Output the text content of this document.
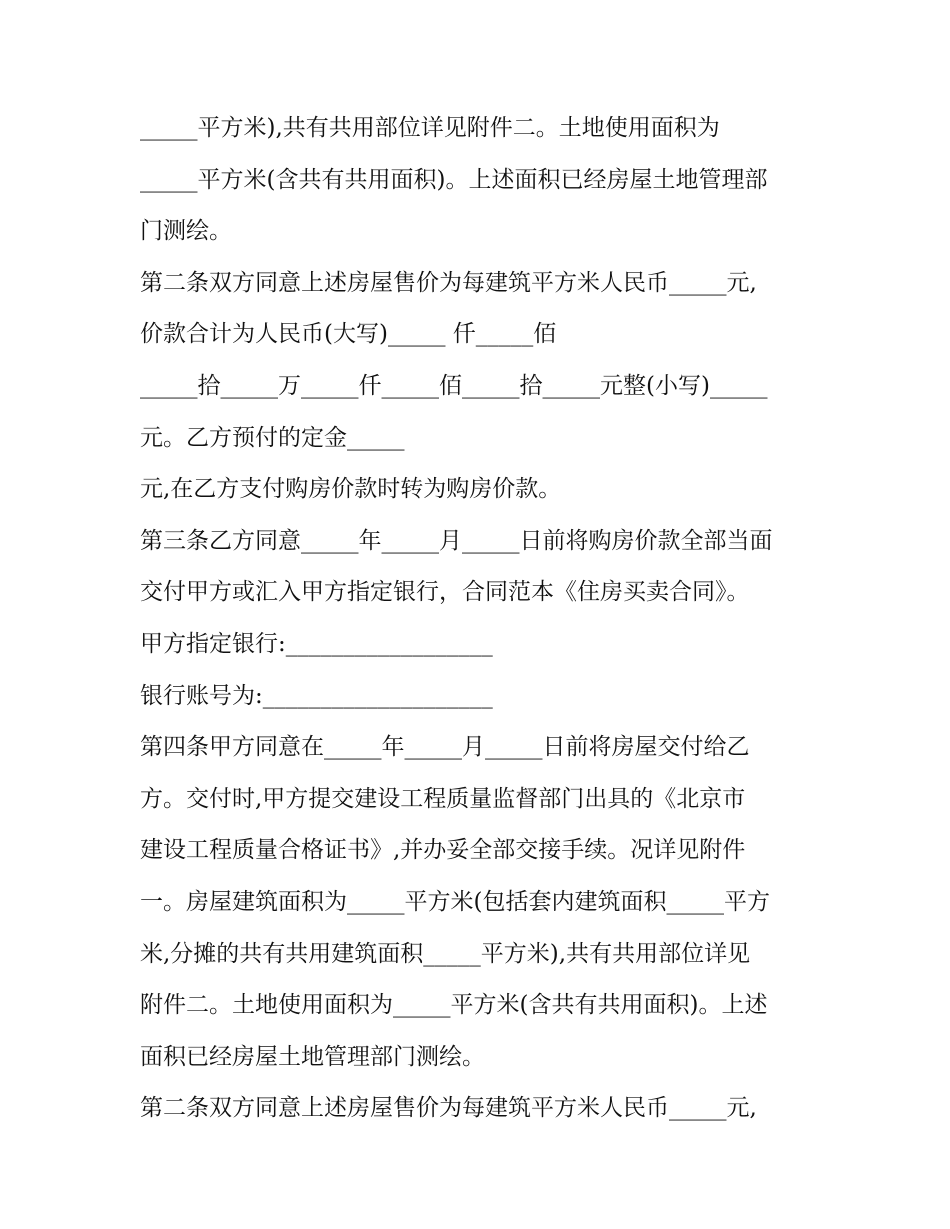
_____平方米),共有共用部位详见附件二。土地使用面积为

_____平方米(含共有共用面积)。上述面积已经房屋土地管理部

门测绘。

第二条双方同意上述房屋售价为每建筑平方米人民币_____元,

价款合计为人民币(大写)_____ 仟_____佰

_____拾_____万_____仟_____佰_____拾_____元整(小写)_____

元。乙方预付的定金_____

元,在乙方支付购房价款时转为购房价款。

第三条乙方同意_____年_____月_____日前将购房价款全部当面

交付甲方或汇入甲方指定银行，合同范本《住房买卖合同》。

甲方指定银行:__________________

银行账号为:____________________

第四条甲方同意在_____年_____月_____日前将房屋交付给乙

方。交付时,甲方提交建设工程质量监督部门出具的《北京市

建设工程质量合格证书》,并办妥全部交接手续。况详见附件

一。房屋建筑面积为_____平方米(包括套内建筑面积_____平方

米,分摊的共有共用建筑面积_____平方米),共有共用部位详见

附件二。土地使用面积为_____平方米(含共有共用面积)。上述

面积已经房屋土地管理部门测绘。

第二条双方同意上述房屋售价为每建筑平方米人民币_____元,
